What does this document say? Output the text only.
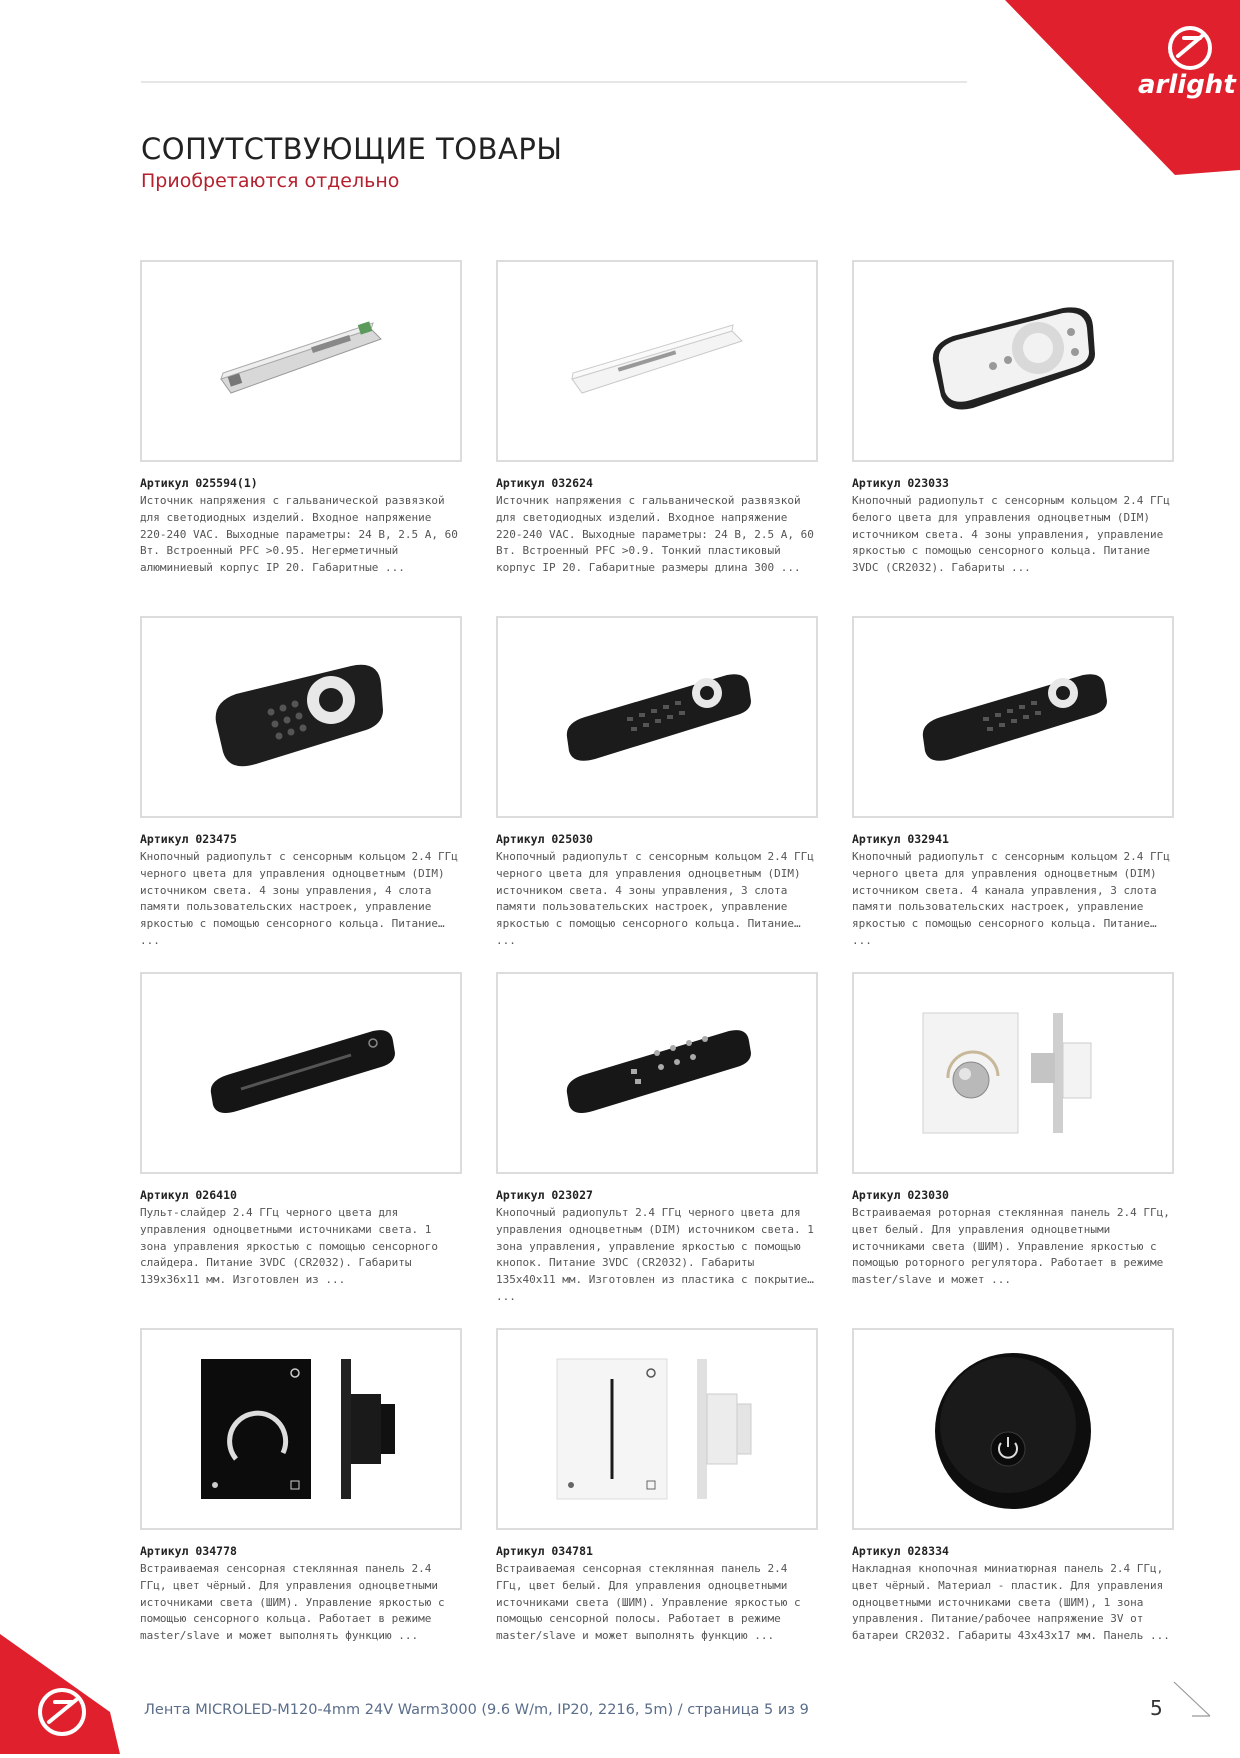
arlight
СОПУТСТВУЮЩИЕ ТОВАРЫ
Приобретаются отдельно
Артикул 025594(1)
Источник напряжения с гальванической развязкой для светодиодных изделий. Входное напряжение 220-240 VAC. Выходные параметры: 24 В, 2.5 А, 60 Вт. Встроенный PFC >0.95. Негерметичный алюминиевый корпус IP 20. Габаритные ...
Артикул 032624
Источник напряжения с гальванической развязкой для светодиодных изделий. Входное напряжение 220-240 VAC. Выходные параметры: 24 В, 2.5 А, 60 Вт. Встроенный PFC >0.9. Тонкий пластиковый корпус IP 20. Габаритные размеры длина 300 ...
Артикул 023033
Кнопочный радиопульт с сенсорным кольцом 2.4 ГГц белого цвета для управления одноцветным (DIM) источником света. 4 зоны управления, управление яркостью с помощью сенсорного кольца. Питание 3VDC (CR2032). Габариты ...
Артикул 023475
Кнопочный радиопульт с сенсорным кольцом 2.4 ГГц черного цвета для управления одноцветным (DIM) источником света. 4 зоны управления, 4 слота памяти пользовательских настроек, управление яркостью с помощью сенсорного кольца. Питание ...
Артикул 025030
Кнопочный радиопульт с сенсорным кольцом 2.4 ГГц черного цвета для управления одноцветным (DIM) источником света. 4 зоны управления, 3 слота памяти пользовательских настроек, управление яркостью с помощью сенсорного кольца. Питание ...
Артикул 032941
Кнопочный радиопульт с сенсорным кольцом 2.4 ГГц черного цвета для управления одноцветным (DIM) источником света. 4 канала управления, 3 слота памяти пользовательских настроек, управление яркостью с помощью сенсорного кольца. Питание ...
Артикул 026410
Пульт-слайдер 2.4 ГГц черного цвета для управления одноцветными источниками света. 1 зона управления яркостью с помощью сенсорного слайдера. Питание 3VDC (CR2032). Габариты 139x36x11 мм. Изготовлен из ...
Артикул 023027
Кнопочный радиопульт 2.4 ГГц черного цвета для управления одноцветным (DIM) источником света. 1 зона управления, управление яркостью с помощью кнопок. Питание 3VDC (CR2032). Габариты 135x40x11 мм. Изготовлен из пластика с покрытием ...
Артикул 023030
Встраиваемая роторная стеклянная панель 2.4 ГГц, цвет белый. Для управления одноцветными источниками света (ШИМ). Управление яркостью с помощью роторного регулятора. Работает в режиме master/slave и может ...
Артикул 034778
Встраиваемая сенсорная стеклянная панель 2.4 ГГц, цвет чёрный. Для управления одноцветными источниками света (ШИМ). Управление яркостью с помощью сенсорного кольца. Работает в режиме master/slave и может выполнять функцию ...
Артикул 034781
Встраиваемая сенсорная стеклянная панель 2.4 ГГц, цвет белый. Для управления одноцветными источниками света (ШИМ). Управление яркостью с помощью сенсорной полосы. Работает в режиме master/slave и может выполнять функцию ...
Артикул 028334
Накладная кнопочная миниатюрная панель 2.4 ГГц, цвет чёрный. Материал - пластик. Для управления одноцветными источниками света (ШИМ), 1 зона управления. Питание/рабочее напряжение 3V от батареи CR2032. Габариты 43x43x17 мм. Панель ...
Лента MICROLED-M120-4mm 24V Warm3000 (9.6 W/m, IP20, 2216, 5m) / страница 5 из 9	5
